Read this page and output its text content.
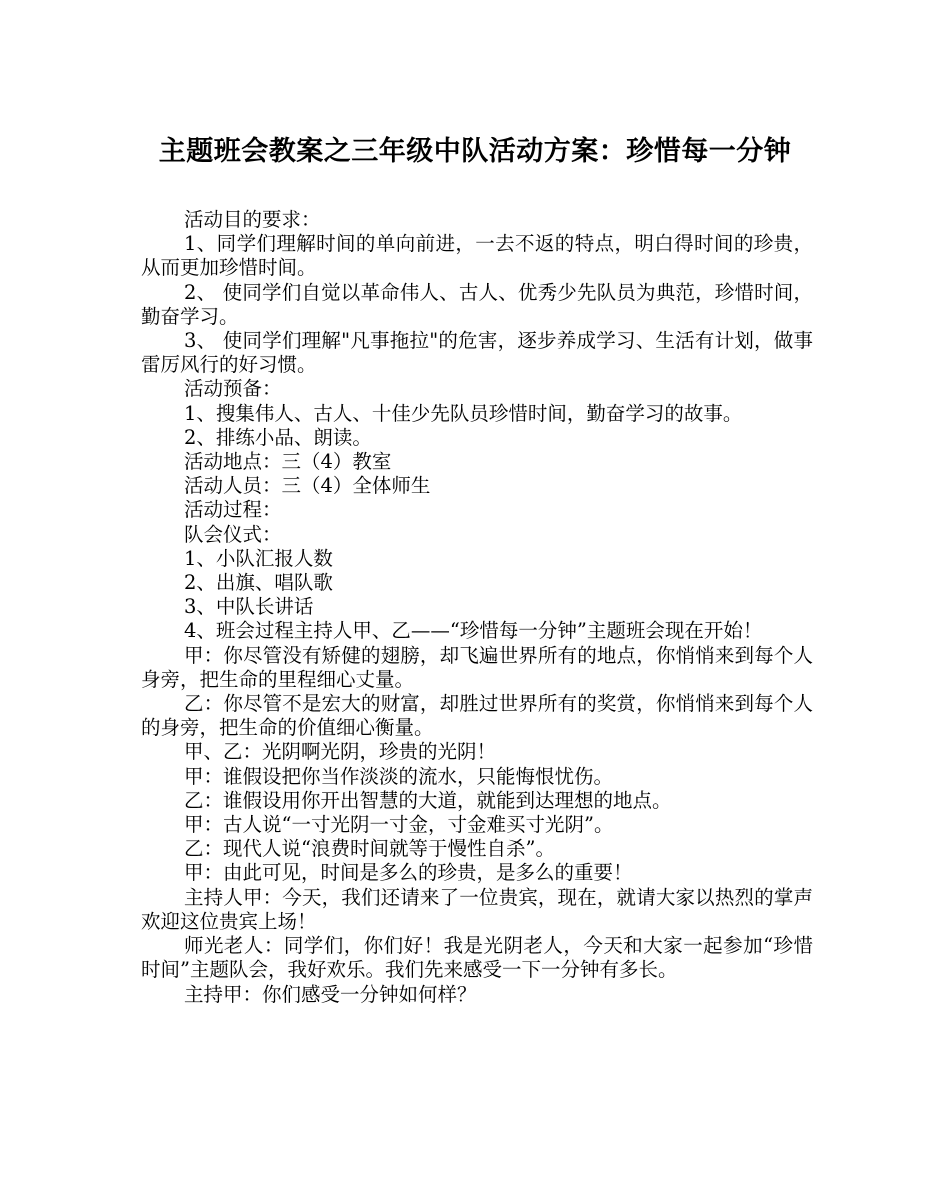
主题班会教案之三年级中队活动方案：珍惜每一分钟

活动目的要求：

1、同学们理解时间的单向前进，一去不返的特点，明白得时间的珍贵，从而更加珍惜时间。

2、 使同学们自觉以革命伟人、古人、优秀少先队员为典范，珍惜时间，勤奋学习。

3、 使同学们理解"凡事拖拉"的危害，逐步养成学习、生活有计划，做事雷厉风行的好习惯。

活动预备：

1、搜集伟人、古人、十佳少先队员珍惜时间，勤奋学习的故事。

2、排练小品、朗读。

活动地点：三（4）教室

活动人员：三（4）全体师生

活动过程：

队会仪式：

1、小队汇报人数

2、出旗、唱队歌

3、中队长讲话

4、班会过程主持人甲、乙——“珍惜每一分钟”主题班会现在开始！

甲：你尽管没有矫健的翅膀，却飞遍世界所有的地点，你悄悄来到每个人身旁，把生命的里程细心丈量。

乙：你尽管不是宏大的财富，却胜过世界所有的奖赏，你悄悄来到每个人的身旁，把生命的价值细心衡量。

甲、乙：光阴啊光阴，珍贵的光阴！

甲：谁假设把你当作淡淡的流水，只能悔恨忧伤。

乙：谁假设用你开出智慧的大道，就能到达理想的地点。

甲：古人说“一寸光阴一寸金，寸金难买寸光阴”。

乙：现代人说“浪费时间就等于慢性自杀”。

甲：由此可见，时间是多么的珍贵，是多么的重要！

主持人甲：今天，我们还请来了一位贵宾，现在，就请大家以热烈的掌声欢迎这位贵宾上场！

师光老人：同学们，你们好！我是光阴老人，今天和大家一起参加“珍惜时间”主题队会，我好欢乐。我们先来感受一下一分钟有多长。

主持甲：你们感受一分钟如何样？
